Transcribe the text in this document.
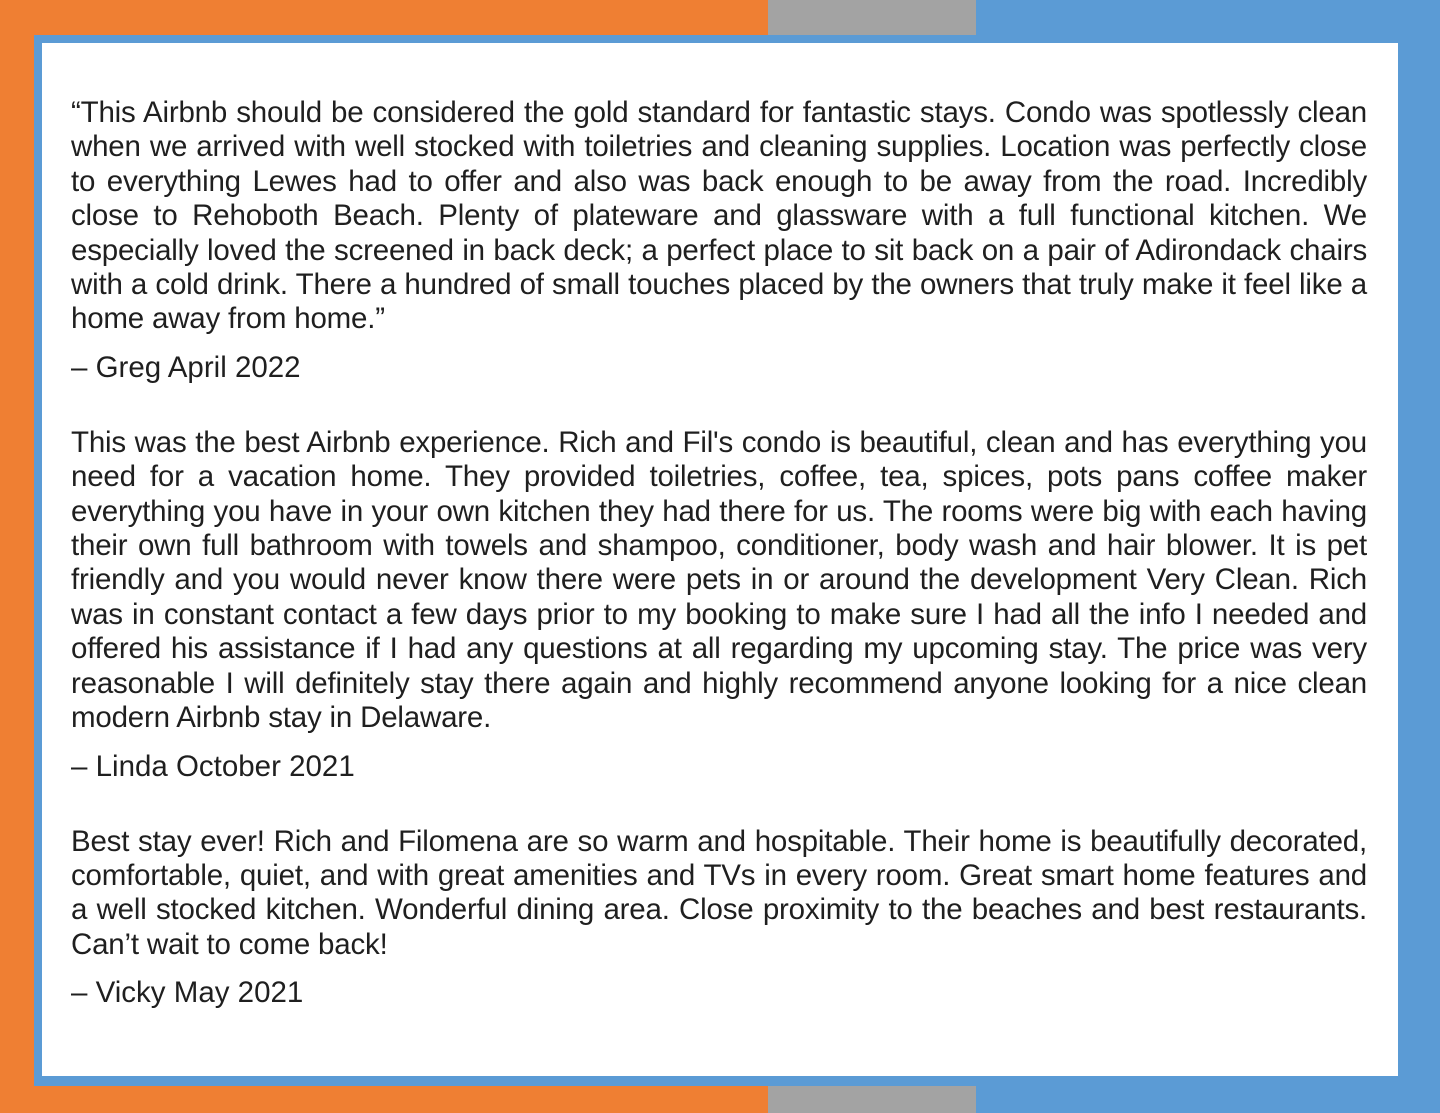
“This Airbnb should be considered the gold standard for fantastic stays. Condo was spotlessly clean when we arrived with well stocked with toiletries and cleaning supplies. Location was perfectly close to everything Lewes had to offer and also was back enough to be away from the road. Incredibly close to Rehoboth Beach. Plenty of plateware and glassware with a full functional kitchen. We especially loved the screened in back deck; a perfect place to sit back on a pair of Adirondack chairs with a cold drink. There a hundred of small touches placed by the owners that truly make it feel like a home away from home.”

– Greg April 2022

This was the best Airbnb experience. Rich and Fil's condo is beautiful, clean and has everything you need for a vacation home. They provided toiletries, coffee, tea, spices, pots pans coffee maker everything you have in your own kitchen they had there for us. The rooms were big with each having their own full bathroom with towels and shampoo, conditioner, body wash and hair blower. It is pet friendly and you would never know there were pets in or around the development Very Clean. Rich was in constant contact a few days prior to my booking to make sure I had all the info I needed and offered his assistance if I had any questions at all regarding my upcoming stay. The price was very reasonable I will definitely stay there again and highly recommend anyone looking for a nice clean modern Airbnb stay in Delaware.

– Linda October 2021

Best stay ever! Rich and Filomena are so warm and hospitable. Their home is beautifully decorated, comfortable, quiet, and with great amenities and TVs in every room. Great smart home features and a well stocked kitchen. Wonderful dining area. Close proximity to the beaches and best restaurants. Can’t wait to come back!

– Vicky May 2021
